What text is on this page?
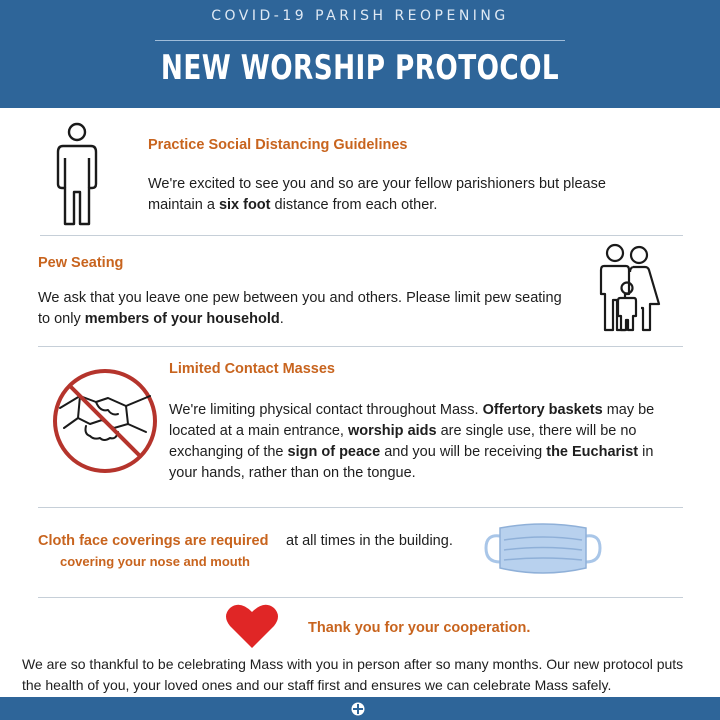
COVID-19 PARISH REOPENING
NEW WORSHIP PROTOCOL
Practice Social Distancing Guidelines
We're excited to see you and so are your fellow parishioners but please maintain a six foot distance from each other.
Pew Seating
We ask that you leave one pew between you and others. Please limit pew seating to only members of your household.
Limited Contact Masses
We're limiting physical contact throughout Mass. Offertory baskets may be located at a main entrance, worship aids are single use, there will be no exchanging of the sign of peace and you will be receiving the Eucharist in your hands, rather than on the tongue.
Cloth face coverings are required
covering your nose and mouth
at all times in the building.
Thank you for your cooperation.
We are so thankful to be celebrating Mass with you in person after so many months. Our new protocol puts the health of you, your loved ones and our staff first and ensures we can celebrate Mass safely.
